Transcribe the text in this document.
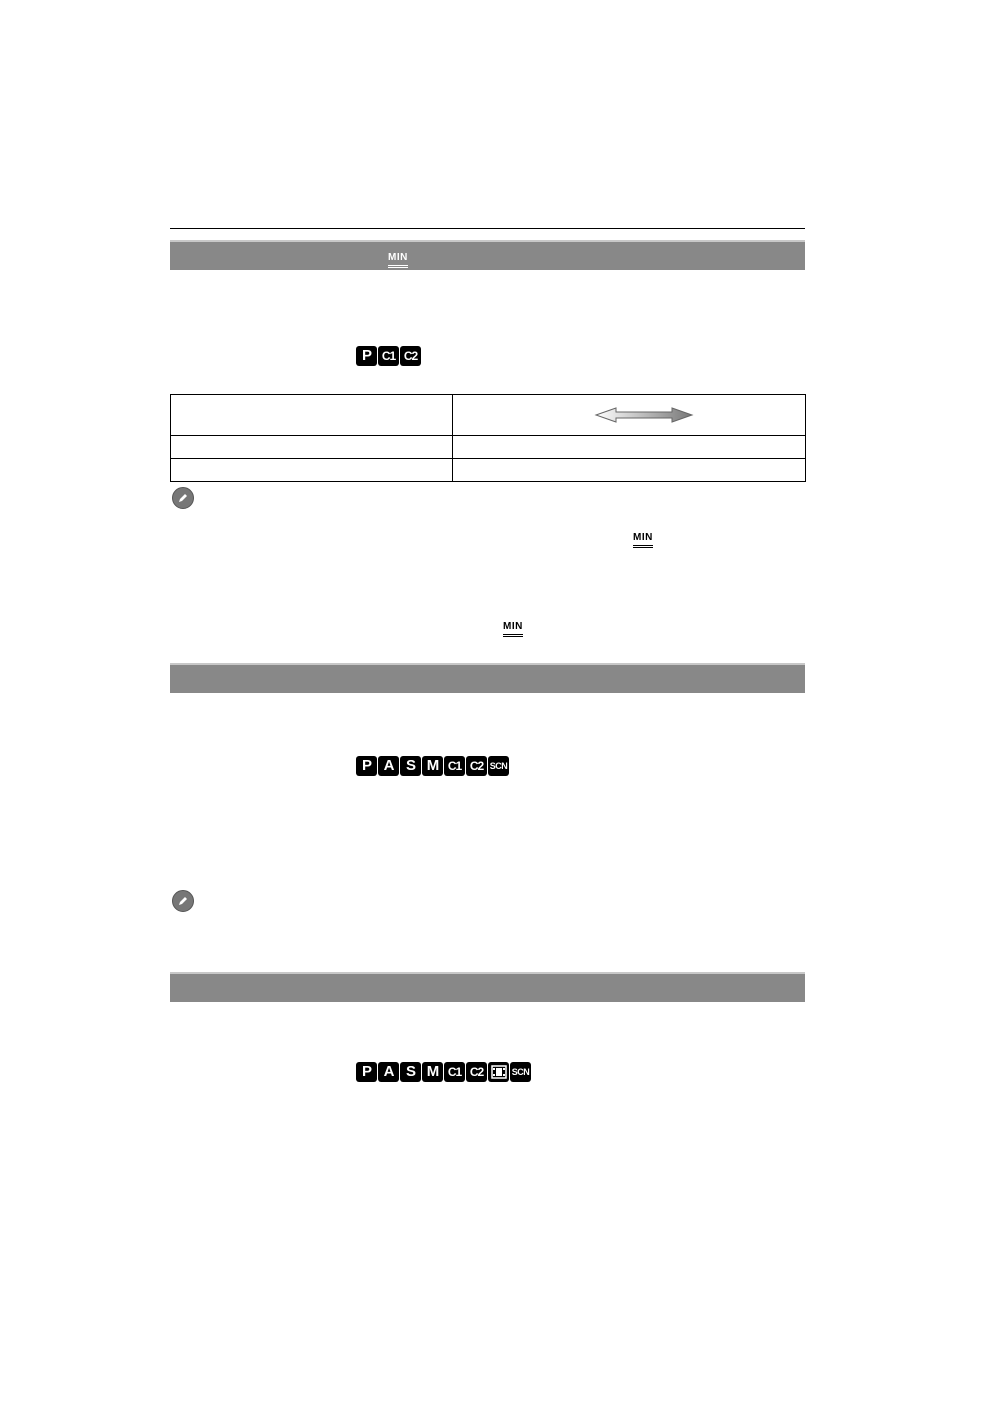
MIN
P C1 C2

MIN
MIN
P A S M C1 C2 SCN
P A S M C1 C2	SCN
